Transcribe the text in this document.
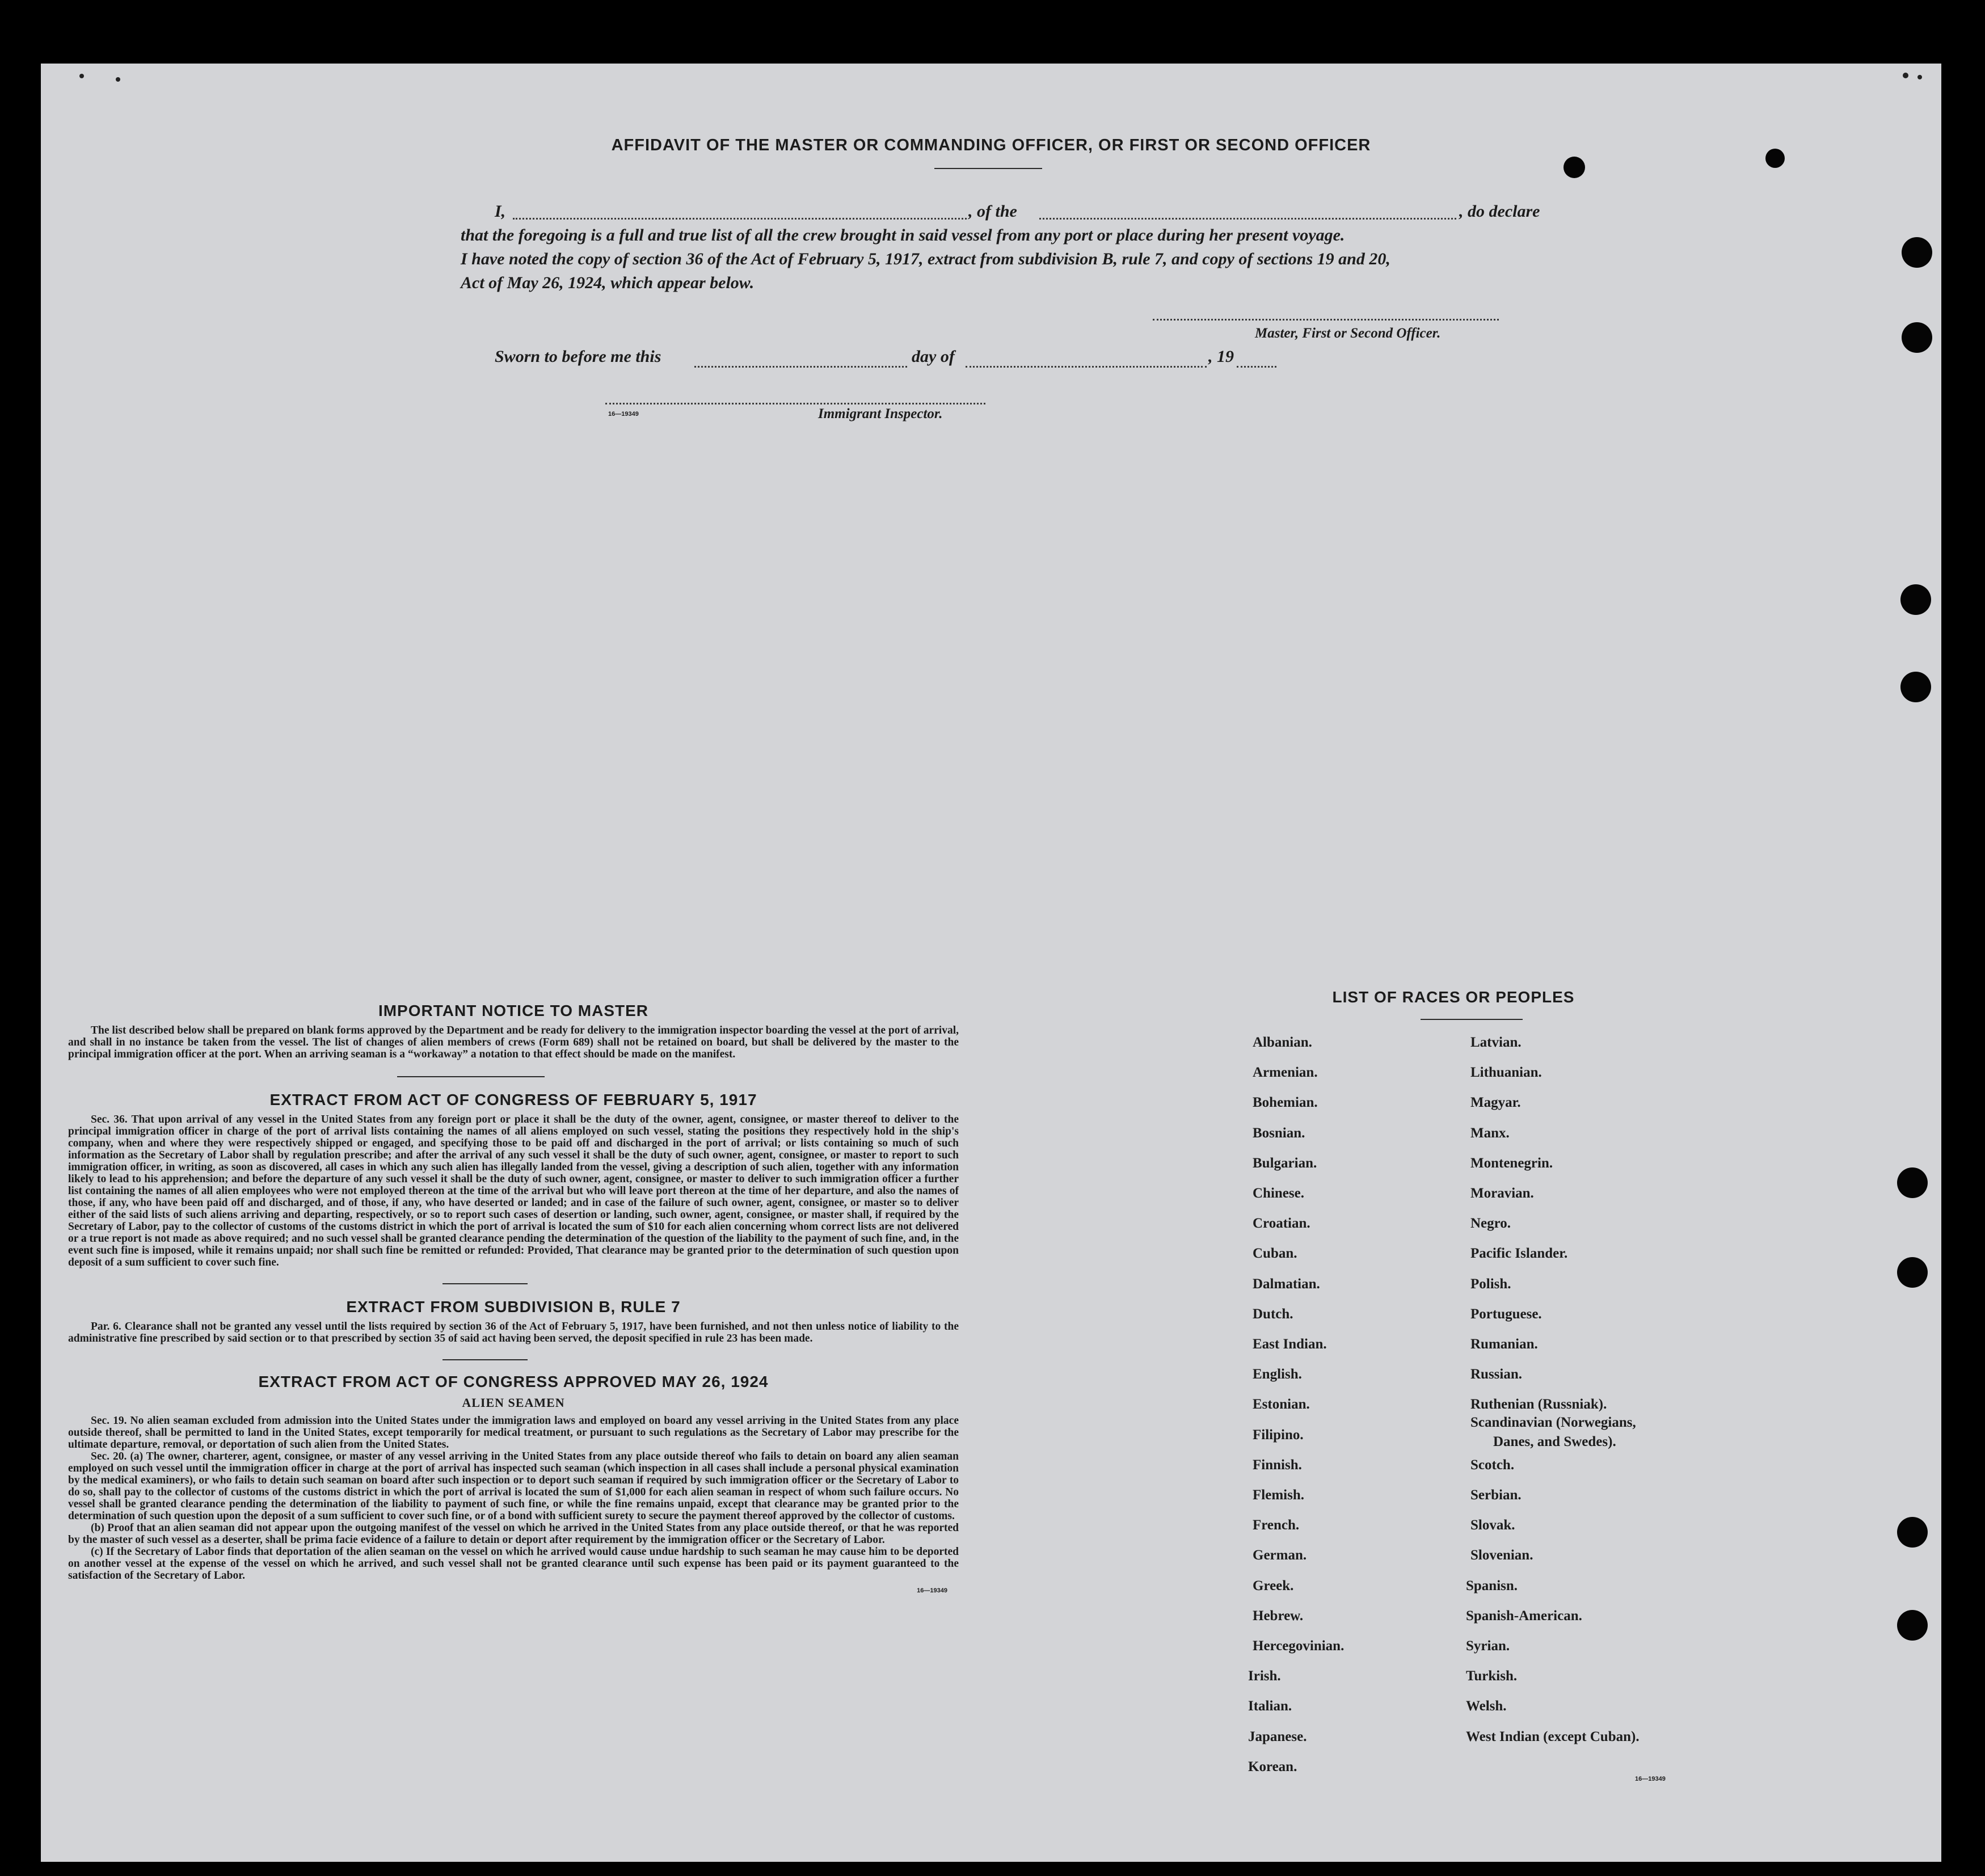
AFFIDAVIT OF THE MASTER OR COMMANDING OFFICER, OR FIRST OR SECOND OFFICER
I,	, of the	, do declare
that the foregoing is a full and true list of all the crew brought in said vessel from any port or place during her present voyage.
I have noted the copy of section 36 of the Act of February 5, 1917, extract from subdivision B, rule 7, and copy of sections 19 and 20,
Act of May 26, 1924, which appear below.
Master, First or Second Officer.
Sworn to before me this	day of	, 19
16—19349	Immigrant Inspector.
IMPORTANT NOTICE TO MASTER

The list described below shall be prepared on blank forms approved by the Department and be ready for delivery to the immigration inspector boarding the vessel at the port of arrival, and shall in no instance be taken from the vessel. The list of changes of alien members of crews (Form 689) shall not be retained on board, but shall be delivered by the master to the principal immigration officer at the port. When an arriving seaman is a “workaway” a notation to that effect should be made on the manifest.

EXTRACT FROM ACT OF CONGRESS OF FEBRUARY 5, 1917

Sec. 36. That upon arrival of any vessel in the United States from any foreign port or place it shall be the duty of the owner, agent, consignee, or master thereof to deliver to the principal immigration officer in charge of the port of arrival lists containing the names of all aliens employed on such vessel, stating the positions they respectively hold in the ship's company, when and where they were respectively shipped or engaged, and specifying those to be paid off and discharged in the port of arrival; or lists containing so much of such information as the Secretary of Labor shall by regulation prescribe; and after the arrival of any such vessel it shall be the duty of such owner, agent, consignee, or master to report to such immigration officer, in writing, as soon as discovered, all cases in which any such alien has illegally landed from the vessel, giving a description of such alien, together with any information likely to lead to his apprehension; and before the departure of any such vessel it shall be the duty of such owner, agent, consignee, or master to deliver to such immigration officer a further list containing the names of all alien employees who were not employed thereon at the time of the arrival but who will leave port thereon at the time of her departure, and also the names of those, if any, who have been paid off and discharged, and of those, if any, who have deserted or landed; and in case of the failure of such owner, agent, consignee, or master so to deliver either of the said lists of such aliens arriving and departing, respectively, or so to report such cases of desertion or landing, such owner, agent, consignee, or master shall, if required by the Secretary of Labor, pay to the collector of customs of the customs district in which the port of arrival is located the sum of $10 for each alien concerning whom correct lists are not delivered or a true report is not made as above required; and no such vessel shall be granted clearance pending the determination of the question of the liability to the payment of such fine, and, in the event such fine is imposed, while it remains unpaid; nor shall such fine be remitted or refunded: Provided, That clearance may be granted prior to the determination of such question upon deposit of a sum sufficient to cover such fine.

EXTRACT FROM SUBDIVISION B, RULE 7

Par. 6. Clearance shall not be granted any vessel until the lists required by section 36 of the Act of February 5, 1917, have been furnished, and not then unless notice of liability to the administrative fine prescribed by said section or to that prescribed by section 35 of said act having been served, the deposit specified in rule 23 has been made.

EXTRACT FROM ACT OF CONGRESS APPROVED MAY 26, 1924
ALIEN SEAMEN

Sec. 19. No alien seaman excluded from admission into the United States under the immigration laws and employed on board any vessel arriving in the United States from any place outside thereof, shall be permitted to land in the United States, except temporarily for medical treatment, or pursuant to such regulations as the Secretary of Labor may prescribe for the ultimate departure, removal, or deportation of such alien from the United States.

Sec. 20. (a) The owner, charterer, agent, consignee, or master of any vessel arriving in the United States from any place outside thereof who fails to detain on board any alien seaman employed on such vessel until the immigration officer in charge at the port of arrival has inspected such seaman (which inspection in all cases shall include a personal physical examination by the medical examiners), or who fails to detain such seaman on board after such inspection or to deport such seaman if required by such immigration officer or the Secretary of Labor to do so, shall pay to the collector of customs of the customs district in which the port of arrival is located the sum of $1,000 for each alien seaman in respect of whom such failure occurs. No vessel shall be granted clearance pending the determination of the liability to payment of such fine, or while the fine remains unpaid, except that clearance may be granted prior to the determination of such question upon the deposit of a sum sufficient to cover such fine, or of a bond with sufficient surety to secure the payment thereof approved by the collector of customs.

(b) Proof that an alien seaman did not appear upon the outgoing manifest of the vessel on which he arrived in the United States from any place outside thereof, or that he was reported by the master of such vessel as a deserter, shall be prima facie evidence of a failure to detain or deport after requirement by the immigration officer or the Secretary of Labor.

(c) If the Secretary of Labor finds that deportation of the alien seaman on the vessel on which he arrived would cause undue hardship to such seaman he may cause him to be deported on another vessel at the expense of the vessel on which he arrived, and such vessel shall not be granted clearance until such expense has been paid or its payment guaranteed to the satisfaction of the Secretary of Labor.

16—19349
LIST OF RACES OR PEOPLES
16—19349
Albanian.
Armenian.
Bohemian.
Bosnian.
Bulgarian.
Chinese.
Croatian.
Cuban.
Dalmatian.
Dutch.
East Indian.
English.
Estonian.
Filipino.
Finnish.
Flemish.
French.
German.
Greek.
Hebrew.
Hercegovinian.
Irish.
Italian.
Japanese.
Korean.
Latvian.
Lithuanian.
Magyar.
Manx.
Montenegrin.
Moravian.
Negro.
Pacific Islander.
Polish.
Portuguese.
Rumanian.
Russian.
Ruthenian (Russniak).
Scandinavian (Norwegians,
Danes, and Swedes).
Scotch.
Serbian.
Slovak.
Slovenian.
Spanisn.
Spanish-American.
Syrian.
Turkish.
Welsh.
West Indian (except Cuban).
